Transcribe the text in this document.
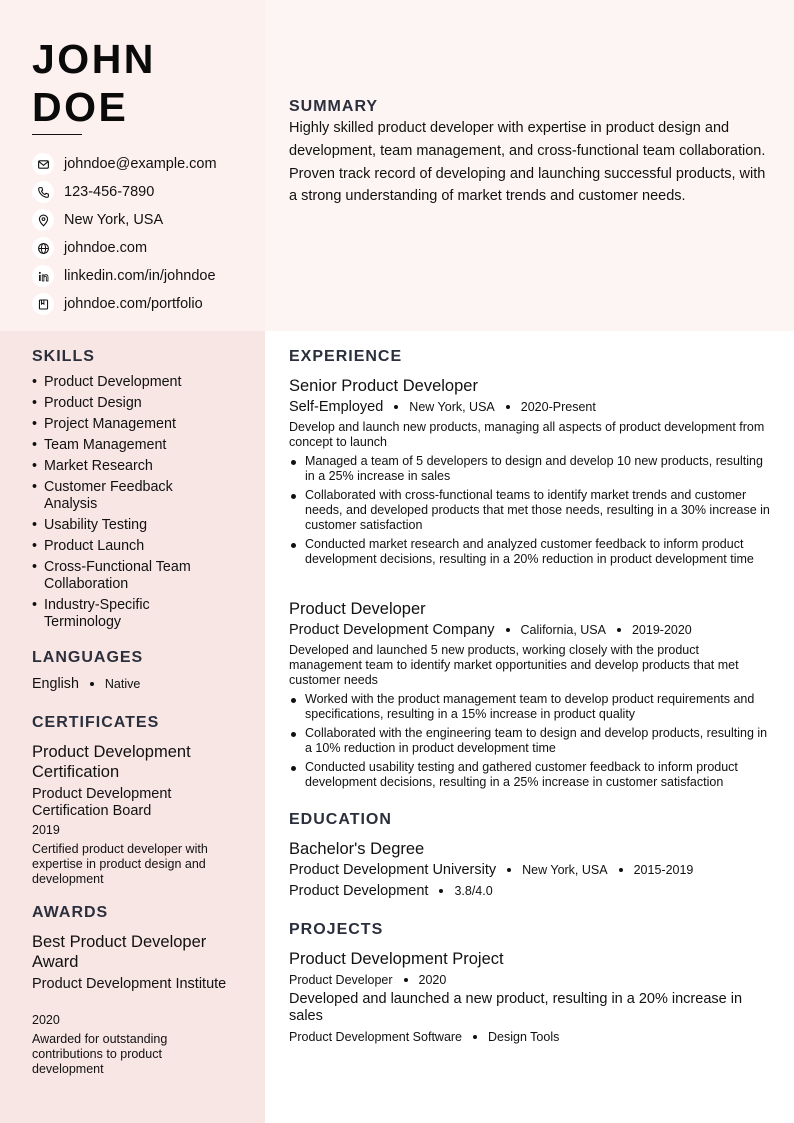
JOHN
DOE
johndoe@example.com
123-456-7890
New York, USA
johndoe.com
linkedin.com/in/johndoe
johndoe.com/portfolio
SUMMARY
Highly skilled product developer with expertise in product design and development, team management, and cross-functional team collaboration. Proven track record of developing and launching successful products, with a strong understanding of market trends and customer needs.
SKILLS
• Product Development
• Product Design
• Project Management
• Team Management
• Market Research
• Customer Feedback Analysis
• Usability Testing
• Product Launch
• Cross-Functional Team Collaboration
• Industry-Specific Terminology
LANGUAGES
English Native
CERTIFICATES
Product Development Certification
Product Development Certification Board
2019
Certified product developer with expertise in product design and development
AWARDS
Best Product Developer Award
Product Development Institute
2020
Awarded for outstanding contributions to product development
EXPERIENCE
Senior Product Developer
Self-Employed New York, USA 2020-Present
Develop and launch new products, managing all aspects of product development from concept to launch
Managed a team of 5 developers to design and develop 10 new products, resulting in a 25% increase in sales
Collaborated with cross-functional teams to identify market trends and customer needs, and developed products that met those needs, resulting in a 30% increase in customer satisfaction
Conducted market research and analyzed customer feedback to inform product development decisions, resulting in a 20% reduction in product development time
Product Developer
Product Development Company California, USA 2019-2020
Developed and launched 5 new products, working closely with the product management team to identify market opportunities and develop products that met customer needs
Worked with the product management team to develop product requirements and specifications, resulting in a 15% increase in product quality
Collaborated with the engineering team to design and develop products, resulting in a 10% reduction in product development time
Conducted usability testing and gathered customer feedback to inform product development decisions, resulting in a 25% increase in customer satisfaction
EDUCATION
Bachelor's Degree
Product Development University New York, USA 2015-2019
Product Development 3.8/4.0
PROJECTS
Product Development Project
Product Developer 2020
Developed and launched a new product, resulting in a 20% increase in sales
Product Development Software Design Tools
